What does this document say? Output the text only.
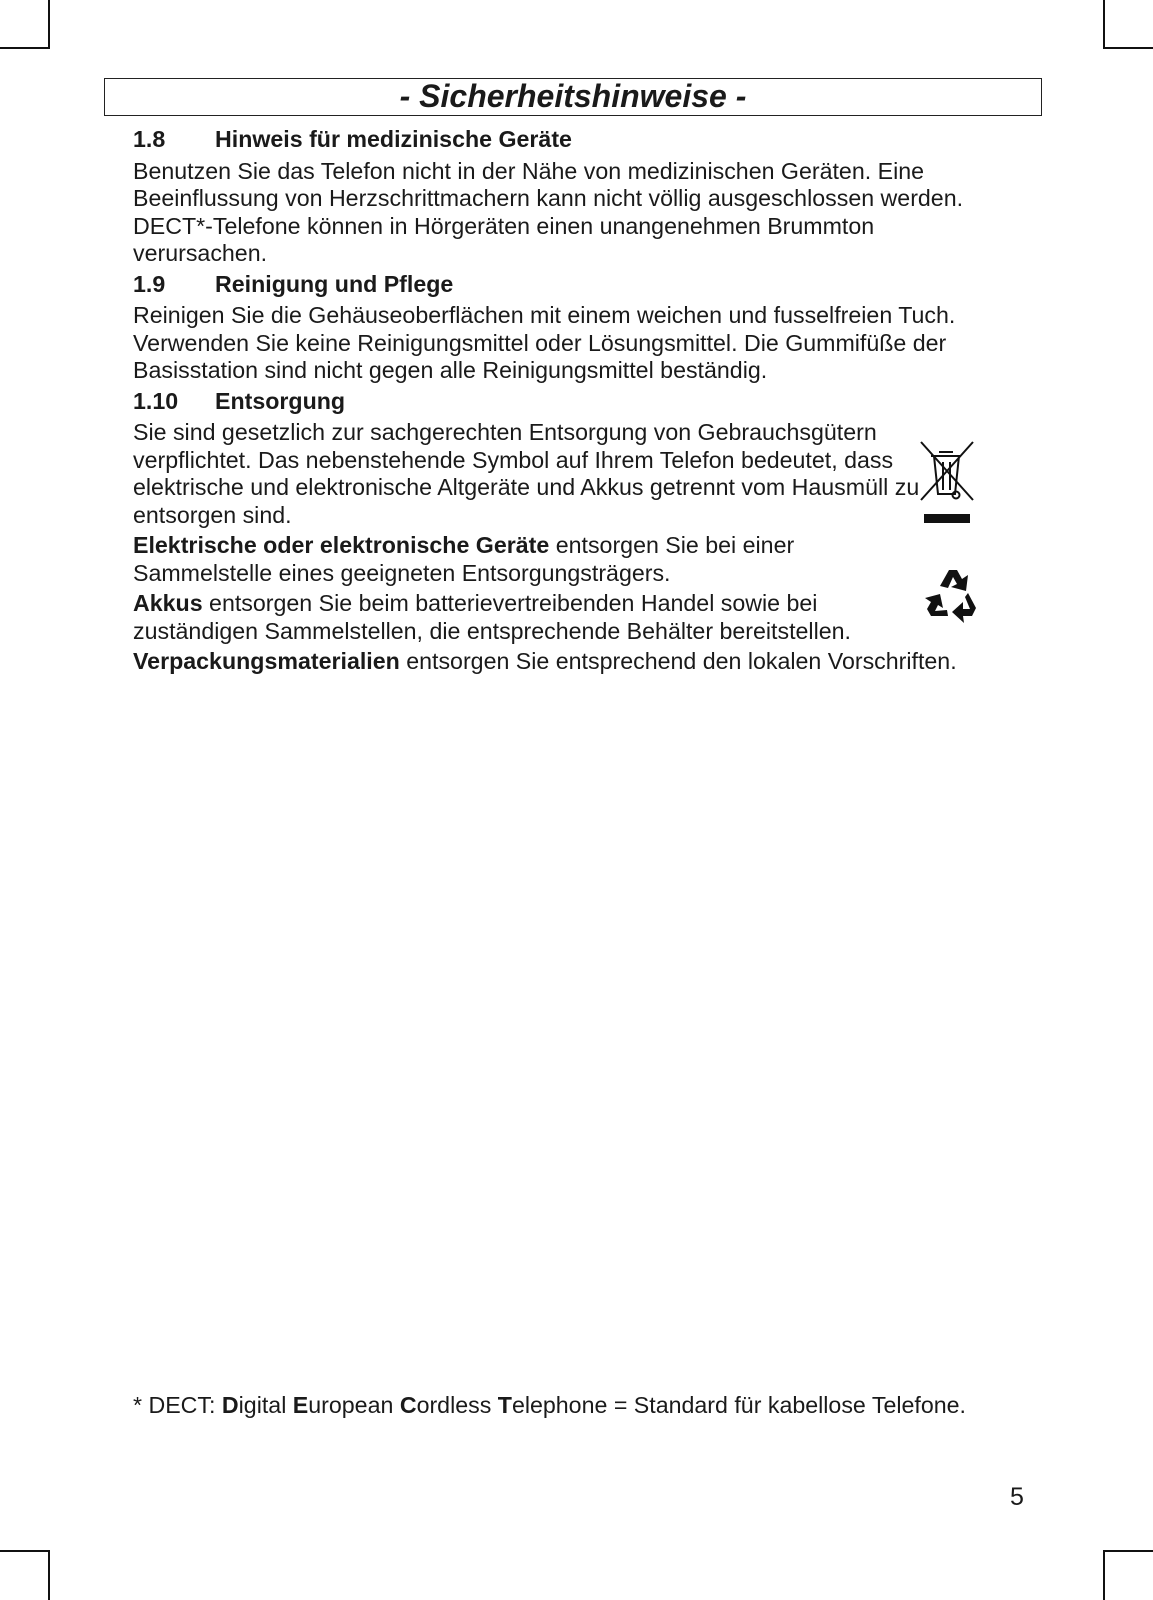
- Sicherheitshinweise -
1.8 Hinweis für medizinische Geräte
Benutzen Sie das Telefon nicht in der Nähe von medizinischen Geräten. Eine Beeinflussung von Herzschrittmachern kann nicht völlig ausgeschlossen werden. DECT*-Telefone können in Hörgeräten einen unangenehmen Brummton verursachen.
1.9 Reinigung und Pflege
Reinigen Sie die Gehäuseoberflächen mit einem weichen und fusselfreien Tuch. Verwenden Sie keine Reinigungsmittel oder Lösungsmittel. Die Gummifüße der Basisstation sind nicht gegen alle Reinigungsmittel beständig.
1.10 Entsorgung
Sie sind gesetzlich zur sachgerechten Entsorgung von Gebrauchsgütern verpflichtet. Das nebenstehende Symbol auf Ihrem Telefon bedeutet, dass elektrische und elektronische Altgeräte und Akkus getrennt vom Hausmüll zu entsorgen sind.
Elektrische oder elektronische Geräte entsorgen Sie bei einer Sammelstelle eines geeigneten Entsorgungsträgers.
Akkus entsorgen Sie beim batterievertreibenden Handel sowie bei zuständigen Sammelstellen, die entsprechende Behälter bereitstellen.
Verpackungsmaterialien entsorgen Sie entsprechend den lokalen Vorschriften.
* DECT: Digital European Cordless Telephone = Standard für kabellose Telefone.
5
